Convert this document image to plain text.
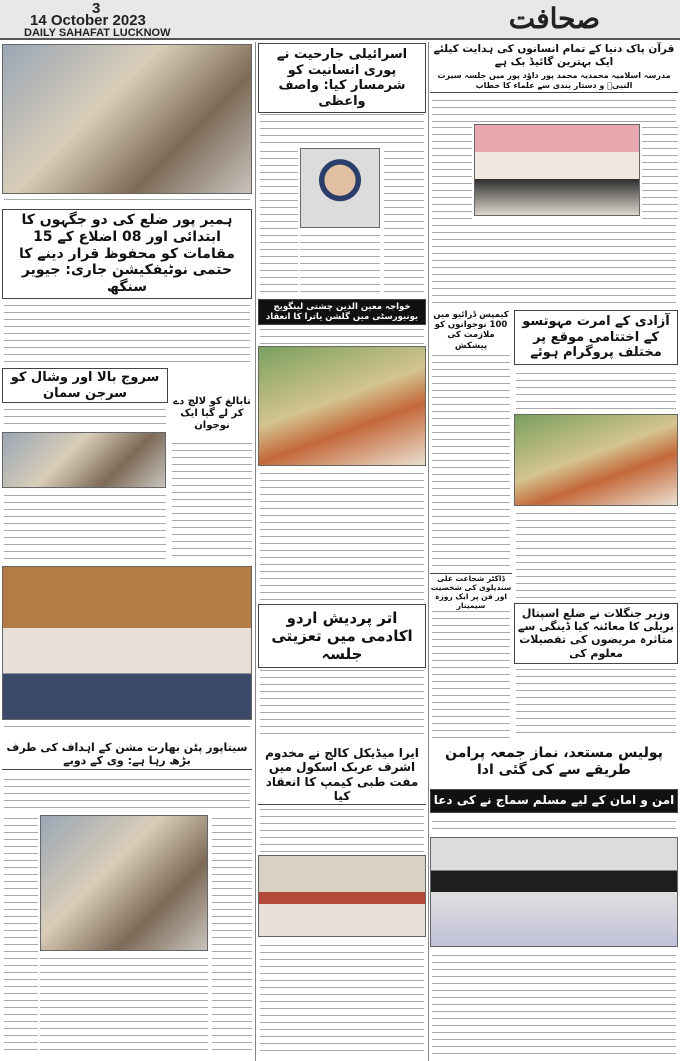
3
14 October 2023
DAILY SAHAFAT LUCKNOW	صحافت
ہمیر پور ضلع کی دو جگہوں کا ابتدائی اور 08 اضلاع کے 15 مقامات کو محفوظ قرار دینے کا حتمی نوٹیفکیشن جاری: جیویر سنگھ
سروج بالا اور وشال کو سرجن سمان
نابالغ کو لالچ دے کر لے گیا ایک نوجوان
سیتاپور پٹن بھارت مشن کے اہداف کی طرف بڑھ رہا ہے: وی کے دوبے
اسرائیلی جارحیت نے پوری انسانیت کو شرمسار کیا: واصف واعظی
خواجہ معین الدین چشتی لینگویج یونیورسٹی میں گلشن یاترا کا انعقاد
اتر پردیش اردو اکادمی میں تعزیتی جلسہ
ایرا میڈیکل کالج نے مخدوم اشرف عربک اسکول میں مفت طبی کیمپ کا انعقاد کیا
قرآن پاک دنیا کے تمام انسانوں کی ہدایت کیلئے ایک بہترین گائیڈ بک ہے
مدرسہ اسلامیہ محمدیہ محمد پور داؤد پور میں جلسہ سیرت النبیؐ و دستار بندی سے علماء کا خطاب
آزادی کے امرت مہوتسو کے اختتامی موقع پر مختلف پروگرام ہوئے
کیمپس ڈرائیو میں 100 نوجوانوں کو ملازمت کی پیشکش
ڈاکٹر شجاعت علی سندیلوی کی شخصیت اور فن پر ایک روزہ سیمینار
وزیر جنگلات نے ضلع اسپتال بریلی کا معائنہ کیا ڈینگی سے متاثرہ مریضوں کی تفصیلات معلوم کی
پولیس مستعد، نماز جمعہ پرامن طریقے سے کی گئی ادا
امن و امان کے لیے مسلم سماج نے کی دعا
